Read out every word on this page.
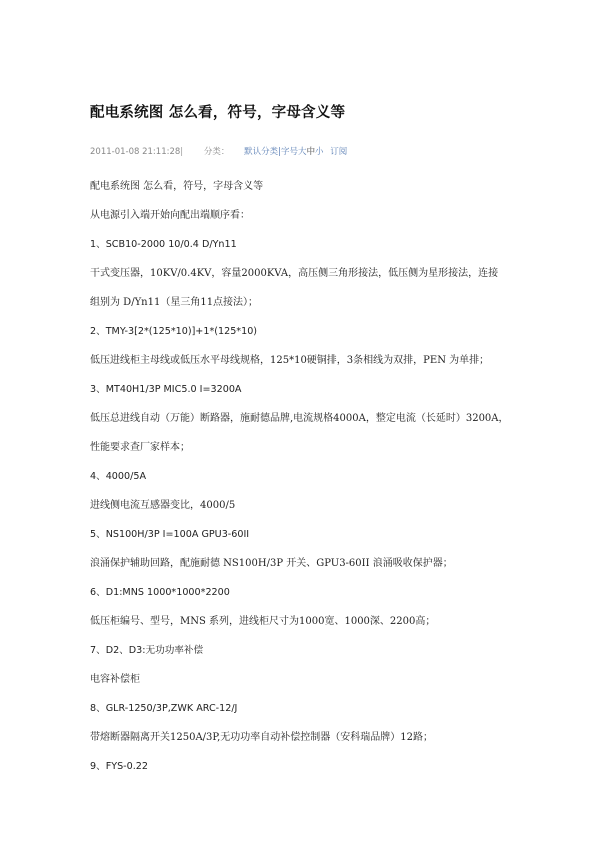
配电系统图 怎么看，符号，字母含义等
2011-01-08 21:11:28| 分类： 默认分类|字号大中小 订阅
配电系统图 怎么看，符号，字母含义等
从电源引入端开始向配出端顺序看：
1、SCB10-2000 10/0.4 D/Yn11
干式变压器，10KV/0.4KV，容量2000KVA，高压侧三角形接法，低压侧为星形接法，连接
组别为 D/Yn11（星三角11点接法）；
2、TMY-3[2*(125*10)]+1*(125*10)
低压进线柜主母线或低压水平母线规格，125*10硬铜排，3条相线为双排，PEN 为单排；
3、MT40H1/3P MIC5.0 I=3200A
低压总进线自动（万能）断路器，施耐德品牌,电流规格4000A，整定电流（长延时）3200A，
性能要求查厂家样本；
4、4000/5A
进线侧电流互感器变比，4000/5
5、NS100H/3P I=100A GPU3-60II
浪涌保护辅助回路，配施耐德 NS100H/3P 开关、GPU3-60II 浪涌吸收保护器；
6、D1:MNS 1000*1000*2200
低压柜编号、型号，MNS 系列，进线柜尺寸为1000宽、1000深、2200高；
7、D2、D3:无功功率补偿
电容补偿柜
8、GLR-1250/3P,ZWK ARC-12/J
带熔断器隔离开关1250A/3P,无功功率自动补偿控制器（安科瑞品牌）12路；
9、FYS-0.22
